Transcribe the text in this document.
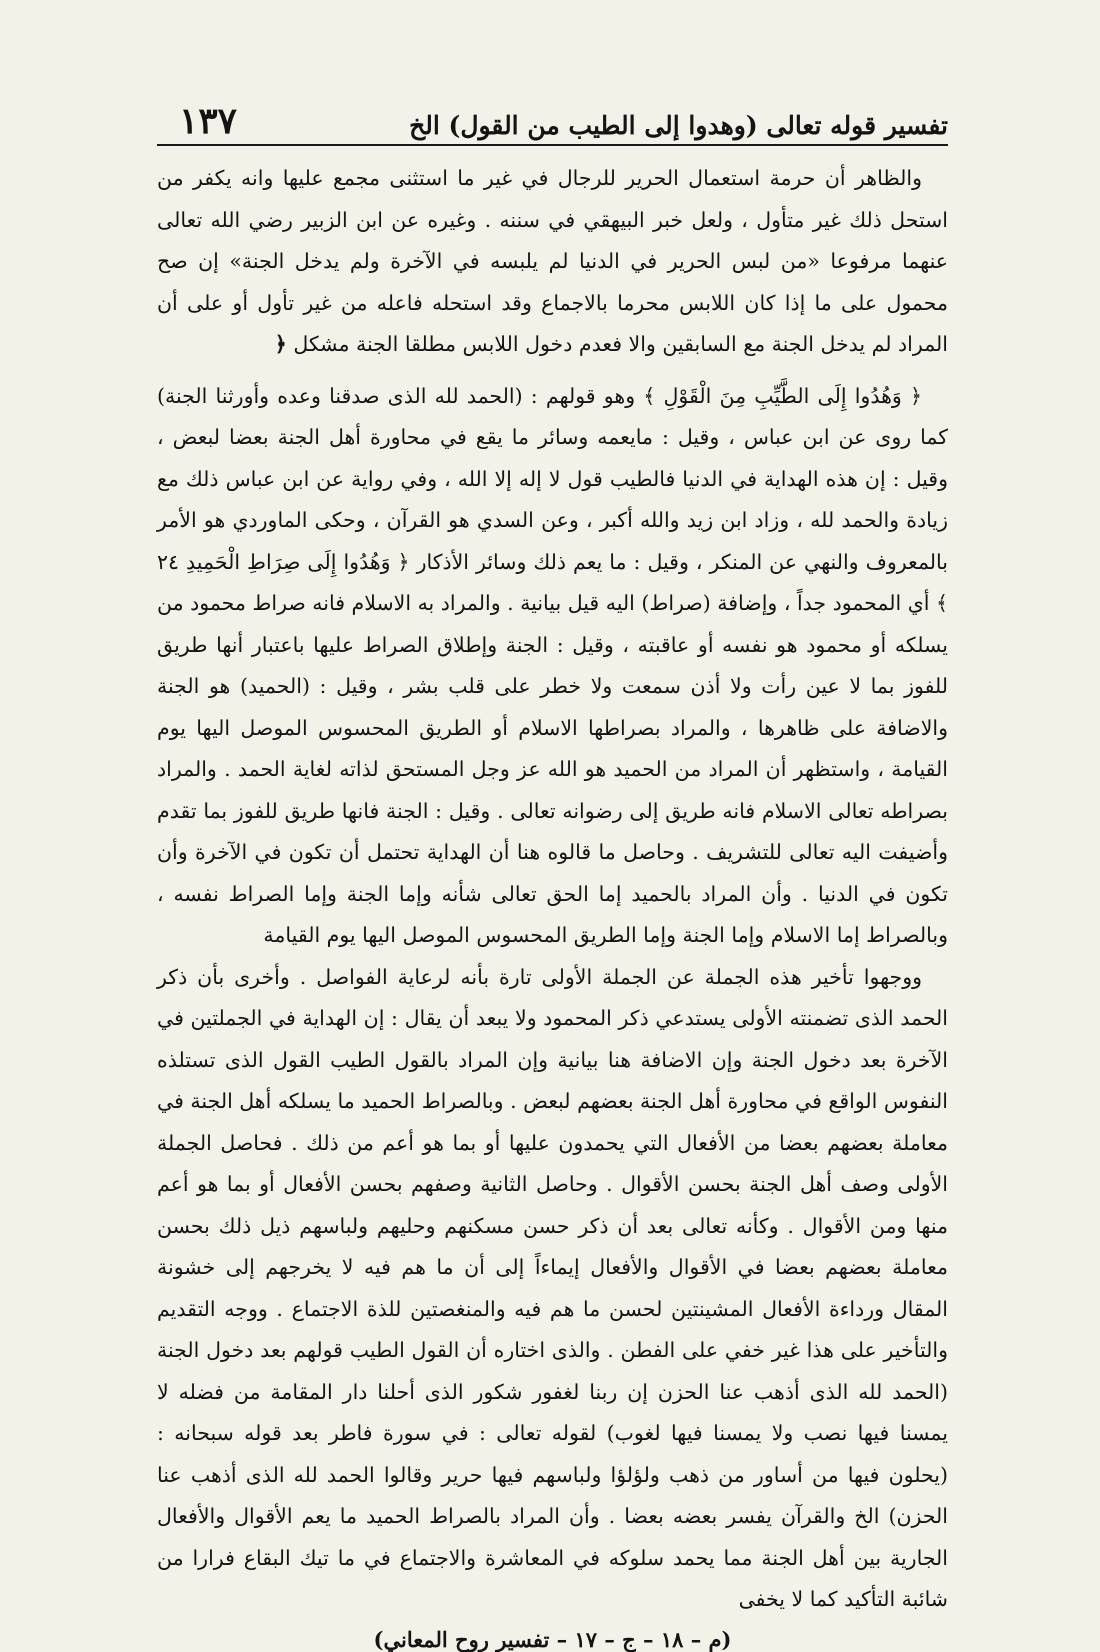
تفسير قوله تعالى (وهدوا إلى الطيب من القول) الخ
١٣٧

والظاهر أن حرمة استعمال الحرير للرجال في غير ما استثنى مجمع عليها وانه يكفر من استحل ذلك غير متأول ، ولعل خبر البيهقي في سننه . وغيره عن ابن الزبير رضي الله تعالى عنهما مرفوعا «من لبس الحرير في الدنيا لم يلبسه في الآخرة ولم يدخل الجنة» إن صح محمول على ما إذا كان اللابس محرما بالاجماع وقد استحله فاعله من غير تأول أو على أن المراد لم يدخل الجنة مع السابقين والا فعدم دخول اللابس مطلقا الجنة مشكل ﴿

﴿ وَهُدُوا إِلَى الطَّيِّبِ مِنَ الْقَوْلِ ﴾ وهو قولهم : (الحمد لله الذى صدقنا وعده وأورثنا الجنة) كما روى عن ابن عباس ، وقيل : مايعمه وسائر ما يقع في محاورة أهل الجنة بعضا لبعض ، وقيل : إن هذه الهداية في الدنيا فالطيب قول لا إله إلا الله ، وفي رواية عن ابن عباس ذلك مع زيادة والحمد لله ، وزاد ابن زيد والله أكبر ، وعن السدي هو القرآن ، وحكى الماوردي هو الأمر بالمعروف والنهي عن المنكر ، وقيل : ما يعم ذلك وسائر الأذكار ﴿ وَهُدُوا إِلَى صِرَاطِ الْحَمِيدِ ٢٤ ﴾ أي المحمود جداً ، وإضافة (صراط) اليه قيل بيانية . والمراد به الاسلام فانه صراط محمود من يسلكه أو محمود هو نفسه أو عاقبته ، وقيل : الجنة وإطلاق الصراط عليها باعتبار أنها طريق للفوز بما لا عين رأت ولا أذن سمعت ولا خطر على قلب بشر ، وقيل : (الحميد) هو الجنة والاضافة على ظاهرها ، والمراد بصراطها الاسلام أو الطريق المحسوس الموصل اليها يوم القيامة ، واستظهر أن المراد من الحميد هو الله عز وجل المستحق لذاته لغاية الحمد . والمراد بصراطه تعالى الاسلام فانه طريق إلى رضوانه تعالى . وقيل : الجنة فانها طريق للفوز بما تقدم وأضيفت اليه تعالى للتشريف . وحاصل ما قالوه هنا أن الهداية تحتمل أن تكون في الآخرة وأن تكون في الدنيا . وأن المراد بالحميد إما الحق تعالى شأنه وإما الجنة وإما الصراط نفسه ، وبالصراط إما الاسلام وإما الجنة وإما الطريق المحسوس الموصل اليها يوم القيامة

ووجهوا تأخير هذه الجملة عن الجملة الأولى تارة بأنه لرعاية الفواصل . وأخرى بأن ذكر الحمد الذى تضمنته الأولى يستدعي ذكر المحمود ولا يبعد أن يقال : إن الهداية في الجملتين في الآخرة بعد دخول الجنة وإن الاضافة هنا بيانية وإن المراد بالقول الطيب القول الذى تستلذه النفوس الواقع في محاورة أهل الجنة بعضهم لبعض . وبالصراط الحميد ما يسلكه أهل الجنة في معاملة بعضهم بعضا من الأفعال التي يحمدون عليها أو بما هو أعم من ذلك . فحاصل الجملة الأولى وصف أهل الجنة بحسن الأقوال . وحاصل الثانية وصفهم بحسن الأفعال أو بما هو أعم منها ومن الأقوال . وكأنه تعالى بعد أن ذكر حسن مسكنهم وحليهم ولباسهم ذيل ذلك بحسن معاملة بعضهم بعضا في الأقوال والأفعال إيماءاً إلى أن ما هم فيه لا يخرجهم إلى خشونة المقال ورداءة الأفعال المشينتين لحسن ما هم فيه والمنغصتين للذة الاجتماع . ووجه التقديم والتأخير على هذا غير خفي على الفطن . والذى اختاره أن القول الطيب قولهم بعد دخول الجنة (الحمد لله الذى أذهب عنا الحزن إن ربنا لغفور شكور الذى أحلنا دار المقامة من فضله لا يمسنا فيها نصب ولا يمسنا فيها لغوب) لقوله تعالى : في سورة فاطر بعد قوله سبحانه : (يحلون فيها من أساور من ذهب ولؤلؤا ولباسهم فيها حرير وقالوا الحمد لله الذى أذهب عنا الحزن) الخ والقرآن يفسر بعضه بعضا . وأن المراد بالصراط الحميد ما يعم الأقوال والأفعال الجارية بين أهل الجنة مما يحمد سلوكه في المعاشرة والاجتماع في ما تيك البقاع فرارا من شائبة التأكيد كما لا يخفى

(م – ١٨ – ج – ١٧ – تفسير روح المعاني)
